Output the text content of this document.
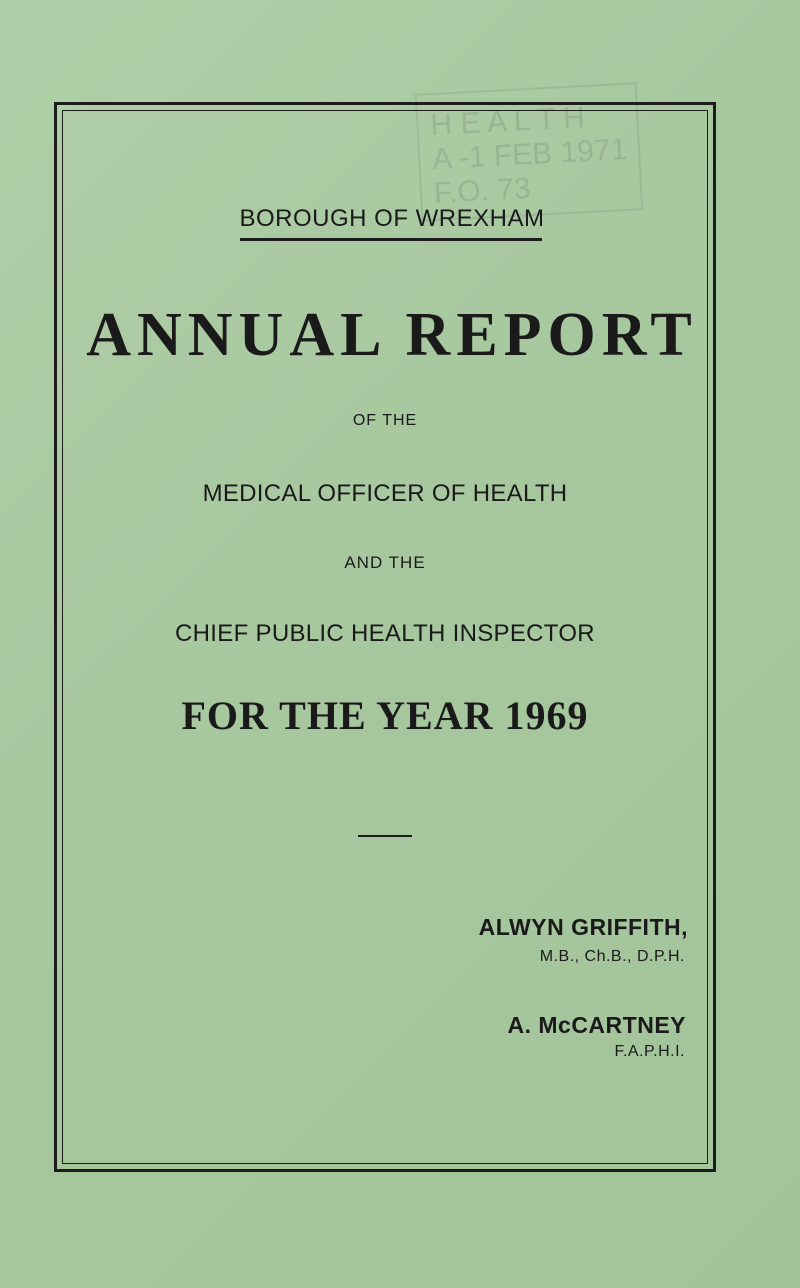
H E A L T H
A -1 FEB 1971
F.O. 73
BOROUGH OF WREXHAM
ANNUAL REPORT
OF THE
MEDICAL OFFICER OF HEALTH
AND THE
CHIEF PUBLIC HEALTH INSPECTOR
FOR THE YEAR 1969
ALWYN GRIFFITH,
M.B., Ch.B., D.P.H.
A. McCARTNEY
F.A.P.H.I.
